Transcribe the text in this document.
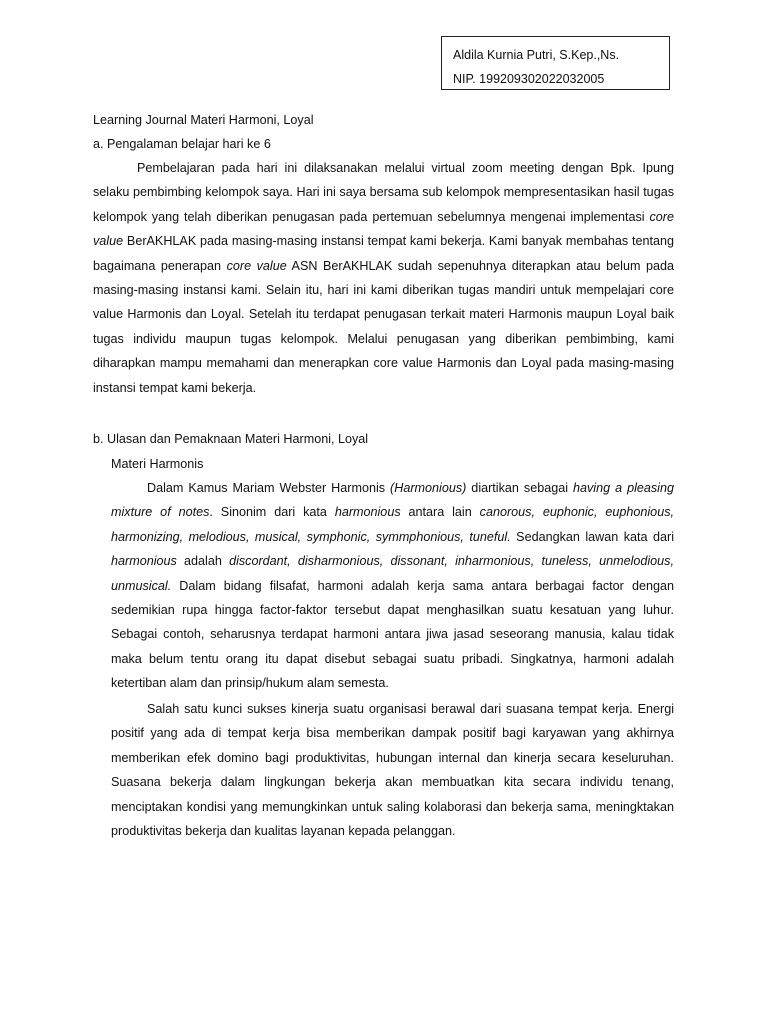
Aldila Kurnia Putri, S.Kep.,Ns.
NIP. 199209302022032005
Learning Journal Materi Harmoni, Loyal
a. Pengalaman belajar hari ke 6

Pembelajaran pada hari ini dilaksanakan melalui virtual zoom meeting dengan Bpk. Ipung selaku pembimbing kelompok saya. Hari ini saya bersama sub kelompok mempresentasikan hasil tugas kelompok yang telah diberikan penugasan pada pertemuan sebelumnya mengenai implementasi core value BerAKHLAK pada masing-masing instansi tempat kami bekerja. Kami banyak membahas tentang bagaimana penerapan core value ASN BerAKHLAK sudah sepenuhnya diterapkan atau belum pada masing-masing instansi kami. Selain itu, hari ini kami diberikan tugas mandiri untuk mempelajari core value Harmonis dan Loyal. Setelah itu terdapat penugasan terkait materi Harmonis maupun Loyal baik tugas individu maupun tugas kelompok. Melalui penugasan yang diberikan pembimbing, kami diharapkan mampu memahami dan menerapkan core value Harmonis dan Loyal pada masing-masing instansi tempat kami bekerja.

b. Ulasan dan Pemaknaan Materi Harmoni, Loyal
Materi Harmonis

Dalam Kamus Mariam Webster Harmonis (Harmonious) diartikan sebagai having a pleasing mixture of notes. Sinonim dari kata harmonious antara lain canorous, euphonic, euphonious, harmonizing, melodious, musical, symphonic, symmphonious, tuneful. Sedangkan lawan kata dari harmonious adalah discordant, disharmonious, dissonant, inharmonious, tuneless, unmelodious, unmusical. Dalam bidang filsafat, harmoni adalah kerja sama antara berbagai factor dengan sedemikian rupa hingga factor-faktor tersebut dapat menghasilkan suatu kesatuan yang luhur. Sebagai contoh, seharusnya terdapat harmoni antara jiwa jasad seseorang manusia, kalau tidak maka belum tentu orang itu dapat disebut sebagai suatu pribadi. Singkatnya, harmoni adalah ketertiban alam dan prinsip/hukum alam semesta.

Salah satu kunci sukses kinerja suatu organisasi berawal dari suasana tempat kerja. Energi positif yang ada di tempat kerja bisa memberikan dampak positif bagi karyawan yang akhirnya memberikan efek domino bagi produktivitas, hubungan internal dan kinerja secara keseluruhan. Suasana bekerja dalam lingkungan bekerja akan membuatkan kita secara individu tenang, menciptakan kondisi yang memungkinkan untuk saling kolaborasi dan bekerja sama, meningktakan produktivitas bekerja dan kualitas layanan kepada pelanggan.
